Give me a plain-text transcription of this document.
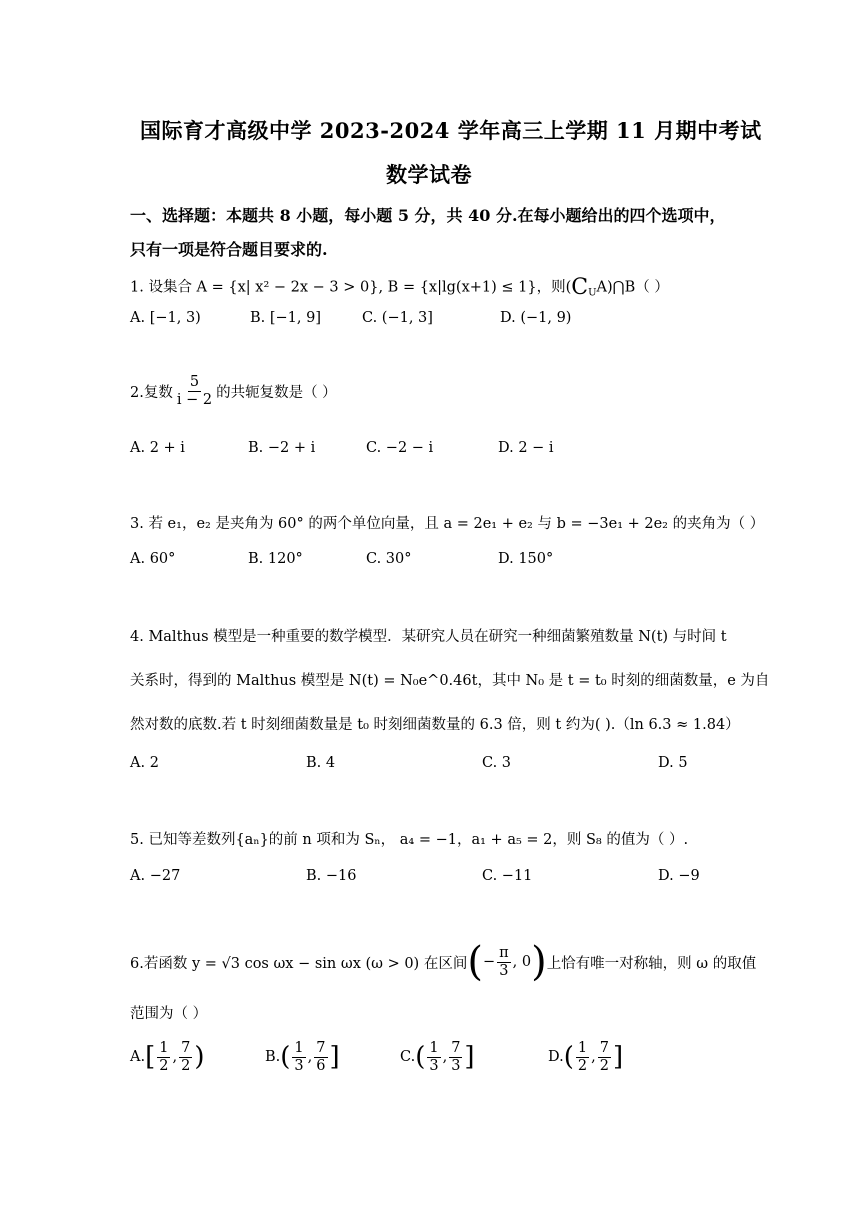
国际育才高级中学 2023-2024 学年高三上学期 11 月期中考试
数学试卷
一、选择题：本题共 8 小题，每小题 5 分，共 40 分.在每小题给出的四个选项中，
只有一项是符合题目要求的.
1. 设集合 A = {x| x² − 2x − 3 > 0}, B = {x|lg(x+1) ≤ 1}，则$(C_UA)⋂B$（ ）
A. [−1, 3)	B. [−1, 9]	C. (−1, 3]	D. (−1, 9)
2.复数 $\frac{5}{i - 2}$ 的共轭复数是（ ）
A. 2 + i	B. −2 + i	C. −2 − i	D. 2 − i
3. 若 e₁，e₂ 是夹角为 60° 的两个单位向量，且 a = 2e₁ + e₂ 与 b = −3e₁ + 2e₂ 的夹角为（ ）
A. 60°	B. 120°	C. 30°	D. 150°
4. Malthus 模型是一种重要的数学模型．某研究人员在研究一种细菌繁殖数量 N(t) 与时间 t
关系时，得到的 Malthus 模型是 N(t) = N₀e^0.46t，其中 N₀ 是 t = t₀ 时刻的细菌数量，e 为自
然对数的底数.若 t 时刻细菌数量是 t₀ 时刻细菌数量的 6.3 倍，则 t 约为( ).（ln 6.3 ≈ 1.84）
A. 2	B. 4	C. 3	D. 5
5. 已知等差数列{aₙ}的前 n 项和为 Sₙ， a₄ = −1，a₁ + a₅ = 2，则 S₈ 的值为（ ）.
A. −27	B. −16	C. −11	D. −9
6.若函数 y = √3 cos ωx − sin ωx (ω > 0) 在区间 ( − $\frac{\pi}{3}$ , 0 ) 上恰有唯一对称轴，则 ω 的取值
范围为（ ）
A. [ $\frac{1}{2}$ , $\frac{7}{2}$ )	B. ( $\frac{1}{3}$ , $\frac{7}{6}$ ]	C. ( $\frac{1}{3}$ , $\frac{7}{3}$ ]	D. ( $\frac{1}{2}$ , $\frac{7}{2}$ ]
